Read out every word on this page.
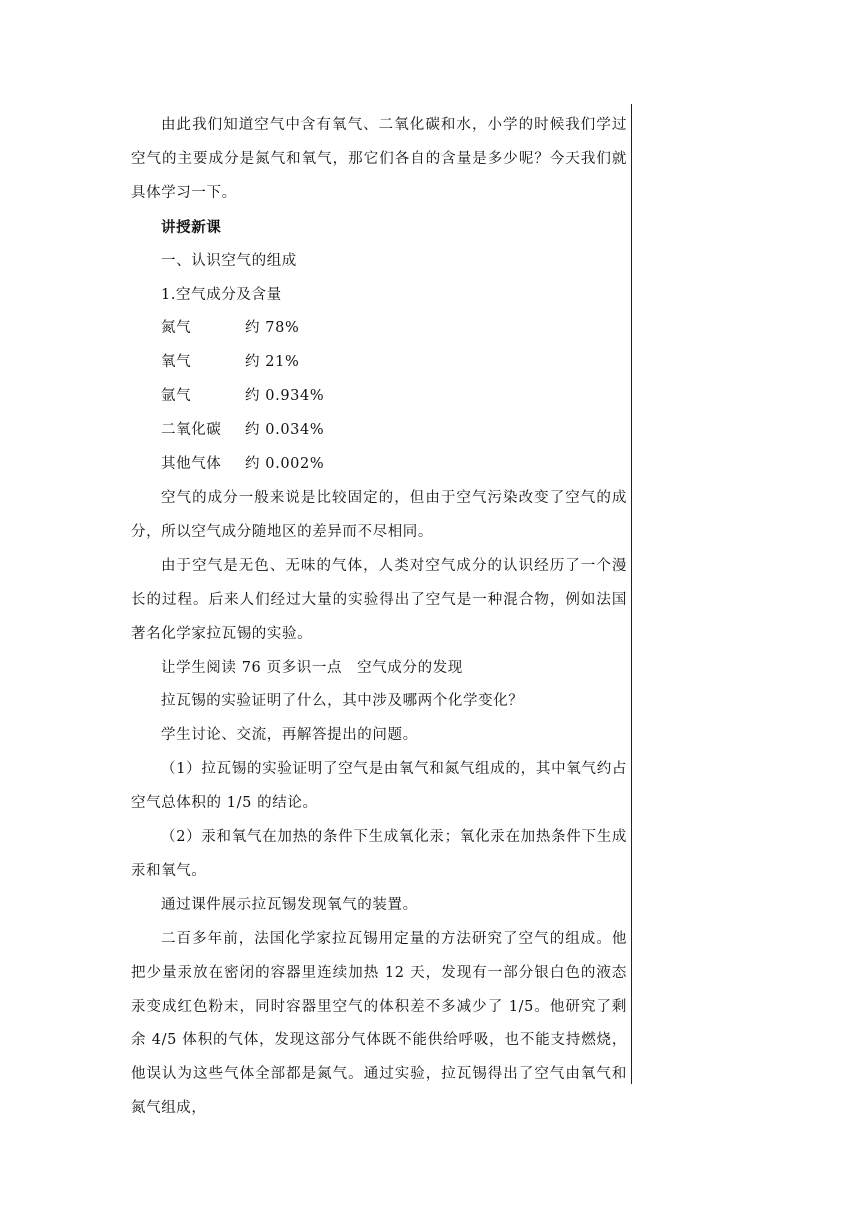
由此我们知道空气中含有氧气、二氧化碳和水，小学的时候我们学过空气的主要成分是氮气和氧气，那它们各自的含量是多少呢？今天我们就具体学习一下。

讲授新课

一、认识空气的组成

1.空气成分及含量

氮气	约 78%
氧气	约 21%
氩气	约 0.934%
二氧化碳	约 0.034%
其他气体	约 0.002%

空气的成分一般来说是比较固定的，但由于空气污染改变了空气的成分，所以空气成分随地区的差异而不尽相同。

由于空气是无色、无味的气体，人类对空气成分的认识经历了一个漫长的过程。后来人们经过大量的实验得出了空气是一种混合物，例如法国著名化学家拉瓦锡的实验。

让学生阅读 76 页多识一点　空气成分的发现

拉瓦锡的实验证明了什么，其中涉及哪两个化学变化？

学生讨论、交流，再解答提出的问题。

（1）拉瓦锡的实验证明了空气是由氧气和氮气组成的，其中氧气约占空气总体积的 1/5 的结论。

（2）汞和氧气在加热的条件下生成氧化汞；氧化汞在加热条件下生成汞和氧气。

通过课件展示拉瓦锡发现氧气的装置。

二百多年前，法国化学家拉瓦锡用定量的方法研究了空气的组成。他把少量汞放在密闭的容器里连续加热 12 天，发现有一部分银白色的液态汞变成红色粉末，同时容器里空气的体积差不多减少了 1/5。他研究了剩余 4/5 体积的气体，发现这部分气体既不能供给呼吸，也不能支持燃烧，他误认为这些气体全部都是氮气。通过实验，拉瓦锡得出了空气由氧气和氮气组成，
